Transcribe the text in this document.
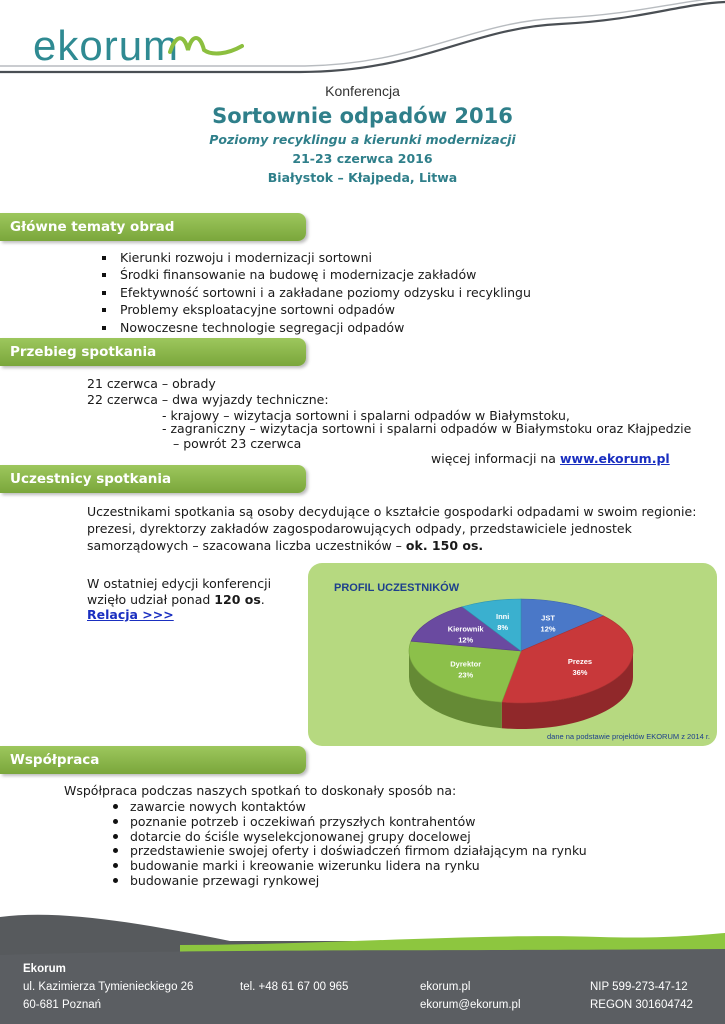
ekorum
Konferencja
Sortownie odpadów 2016
Poziomy recyklingu a kierunki modernizacji
21-23 czerwca 2016
Białystok – Kłajpeda, Litwa
Główne tematy obrad
Kierunki rozwoju i modernizacji sortowni
Środki finansowanie na budowę i modernizacje zakładów
Efektywność sortowni i a zakładane poziomy odzysku i recyklingu
Problemy eksploatacyjne sortowni odpadów
Nowoczesne technologie segregacji odpadów
Przebieg spotkania
21 czerwca – obrady
22 czerwca – dwa wyjazdy techniczne:
- krajowy – wizytacja sortowni i spalarni odpadów w Białymstoku,
- zagraniczny – wizytacja sortowni i spalarni odpadów w Białymstoku oraz Kłajpedzie
– powrót 23 czerwca
więcej informacji na www.ekorum.pl
Uczestnicy spotkania
Uczestnikami spotkania są osoby decydujące o kształcie gospodarki odpadami w swoim regionie:
prezesi, dyrektorzy zakładów zagospodarowujących odpady, przedstawiciele jednostek
samorządowych – szacowana liczba uczestników – ok. 150 os.
W ostatniej edycji konferencji
wzięło udział ponad 120 os.
Relacja >>>
PROFIL UCZESTNIKÓW
JST
12%
Prezes
36%
Dyrektor
23%
Kierownik
12%
Inni
8%
dane na podstawie projektów EKORUM z 2014 r.
Współpraca
Współpraca podczas naszych spotkań to doskonały sposób na:
zawarcie nowych kontaktów
poznanie potrzeb i oczekiwań przyszłych kontrahentów
dotarcie do ściśle wyselekcjonowanej grupy docelowej
przedstawienie swojej oferty i doświadczeń firmom działającym na rynku
budowanie marki i kreowanie wizerunku lidera na rynku
budowanie przewagi rynkowej
Ekorum
ul. Kazimierza Tymienieckiego 26
60-681 Poznań
tel. +48 61 67 00 965	ekorum.pl
ekorum@ekorum.pl
NIP 599-273-47-12
REGON 301604742
